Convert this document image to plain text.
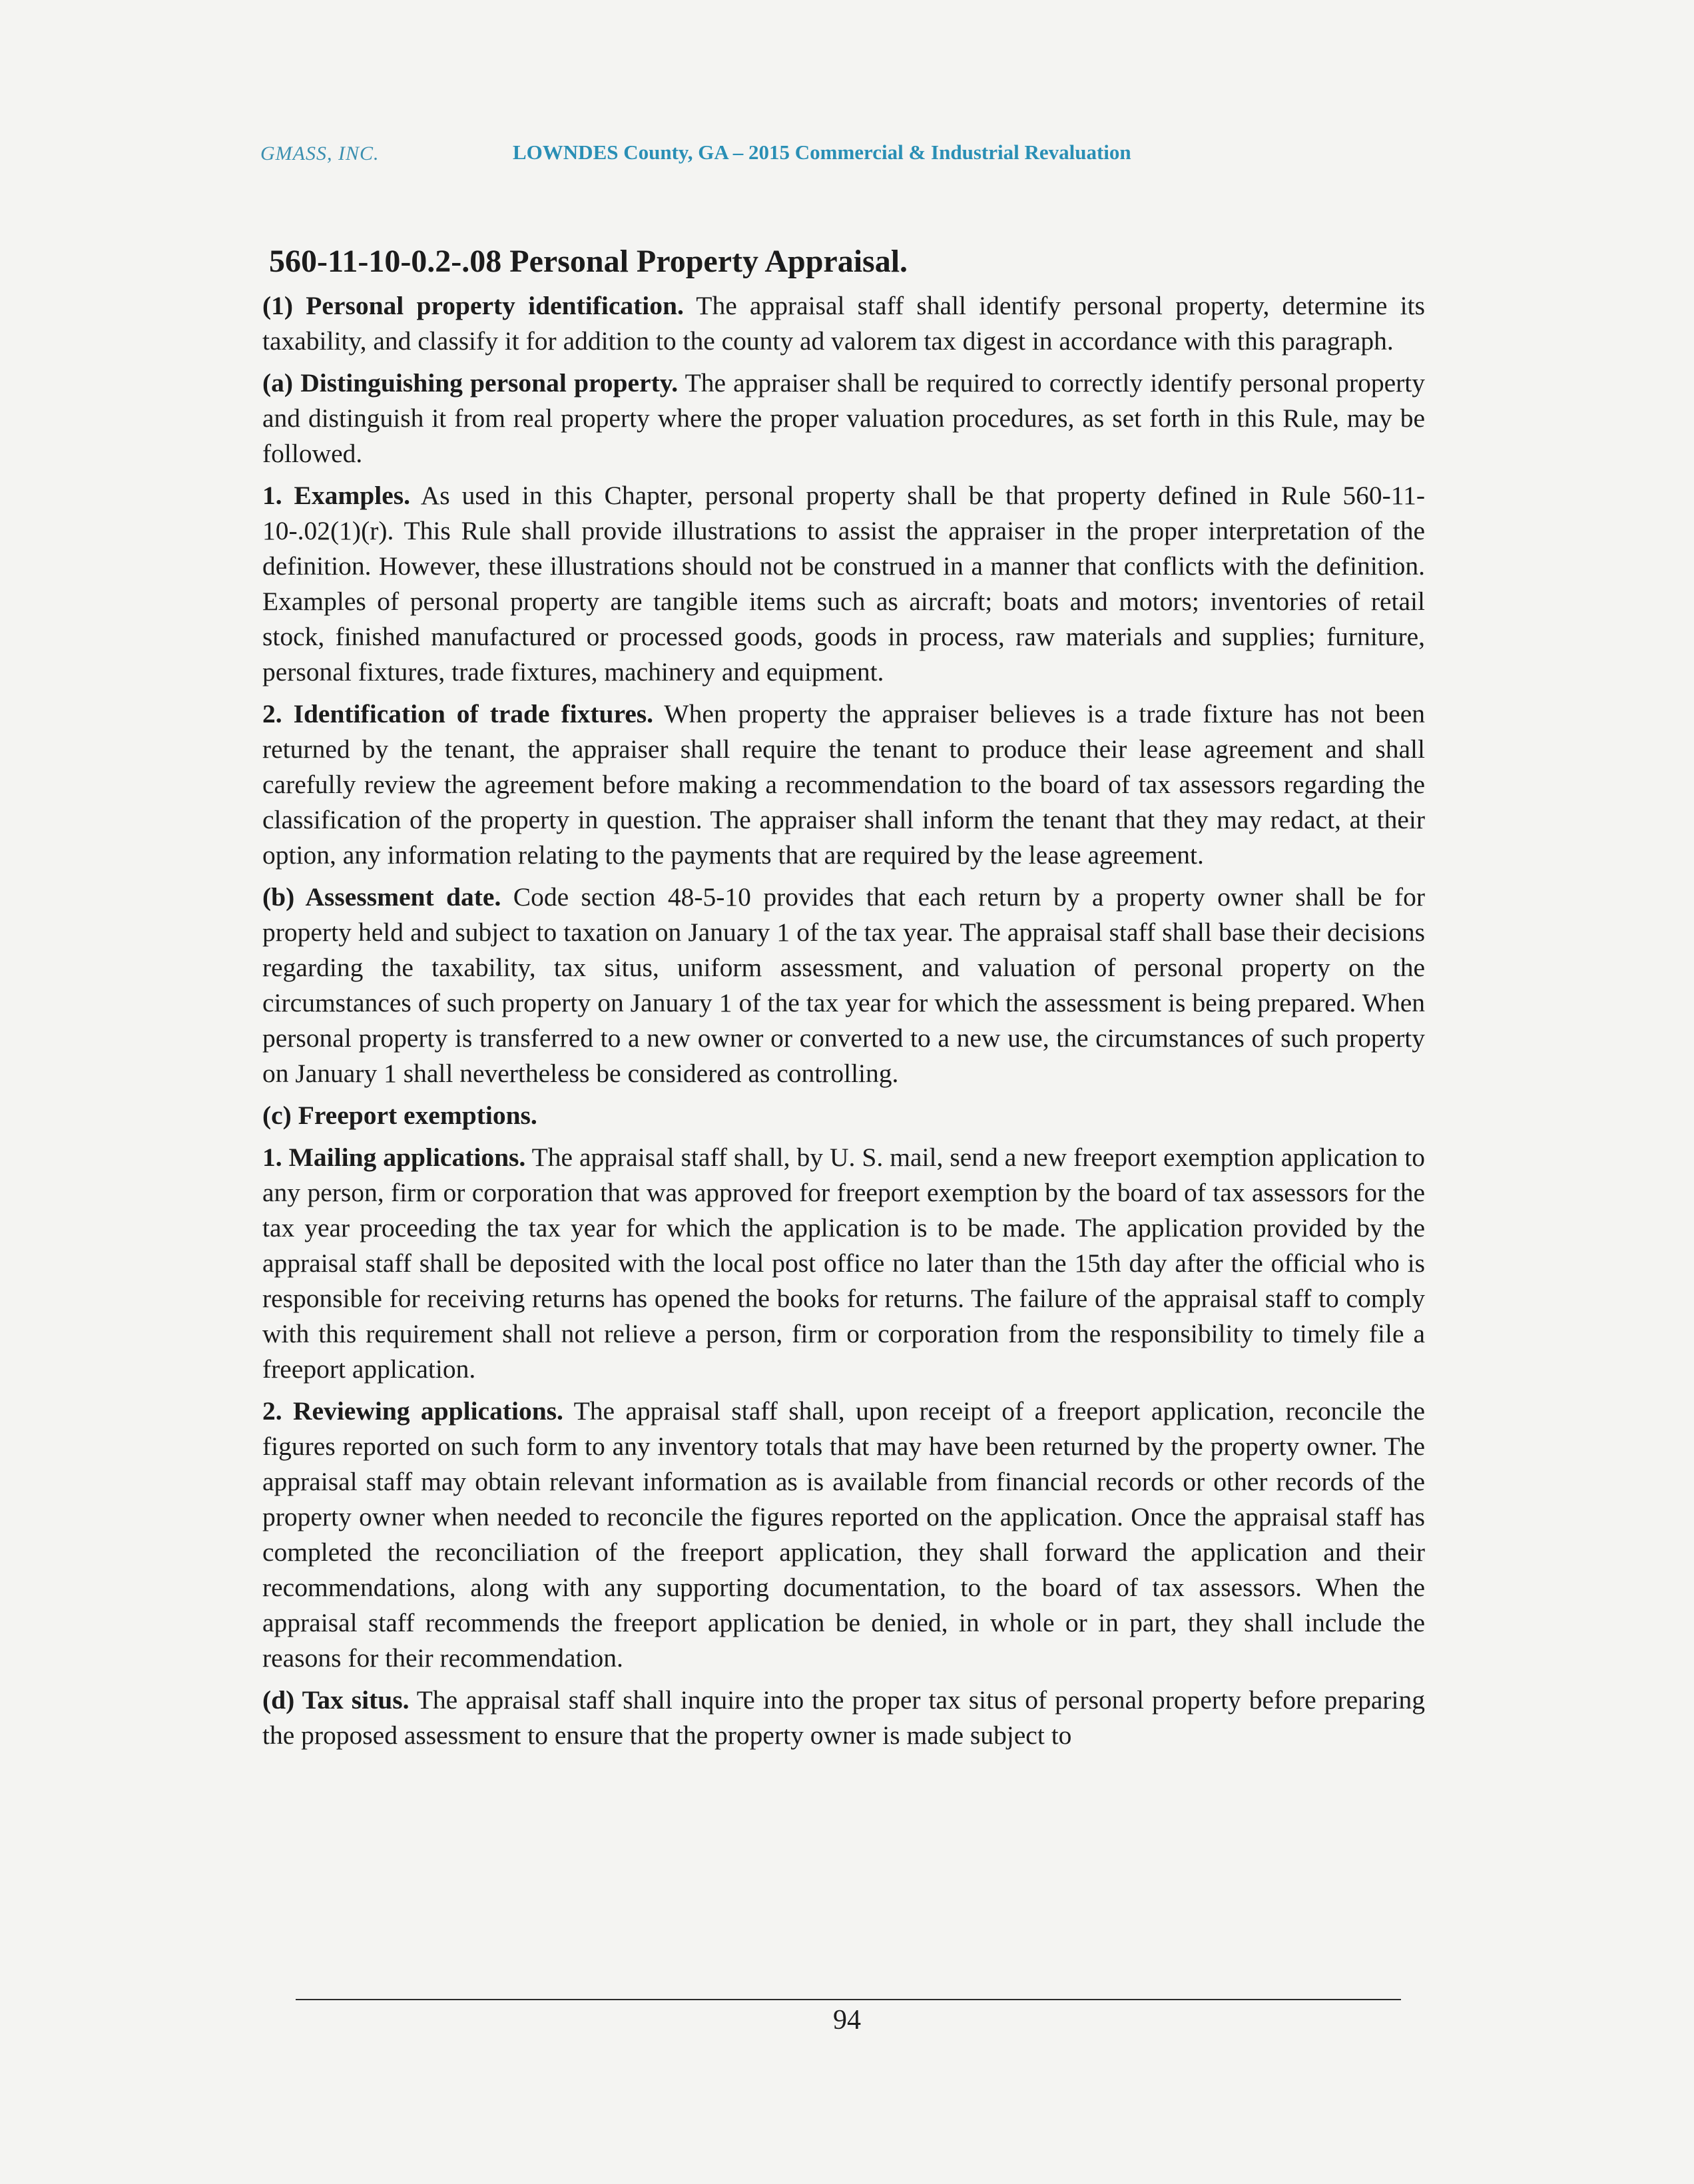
GMASS, INC.	LOWNDES County, GA – 2015 Commercial & Industrial Revaluation
560-11-10-0.2-.08 Personal Property Appraisal.

(1) Personal property identification. The appraisal staff shall identify personal property, determine its taxability, and classify it for addition to the county ad valorem tax digest in accordance with this paragraph.

(a) Distinguishing personal property. The appraiser shall be required to correctly identify personal property and distinguish it from real property where the proper valuation procedures, as set forth in this Rule, may be followed.

1. Examples. As used in this Chapter, personal property shall be that property defined in Rule 560-11-10-.02(1)(r). This Rule shall provide illustrations to assist the appraiser in the proper interpretation of the definition. However, these illustrations should not be construed in a manner that conflicts with the definition. Examples of personal property are tangible items such as aircraft; boats and motors; inventories of retail stock, finished manufactured or processed goods, goods in process, raw materials and supplies; furniture, personal fixtures, trade fixtures, machinery and equipment.

2. Identification of trade fixtures. When property the appraiser believes is a trade fixture has not been returned by the tenant, the appraiser shall require the tenant to produce their lease agreement and shall carefully review the agreement before making a recommendation to the board of tax assessors regarding the classification of the property in question. The appraiser shall inform the tenant that they may redact, at their option, any information relating to the payments that are required by the lease agreement.

(b) Assessment date. Code section 48-5-10 provides that each return by a property owner shall be for property held and subject to taxation on January 1 of the tax year. The appraisal staff shall base their decisions regarding the taxability, tax situs, uniform assessment, and valuation of personal property on the circumstances of such property on January 1 of the tax year for which the assessment is being prepared. When personal property is transferred to a new owner or converted to a new use, the circumstances of such property on January 1 shall nevertheless be considered as controlling.

(c) Freeport exemptions.

1. Mailing applications. The appraisal staff shall, by U. S. mail, send a new freeport exemption application to any person, firm or corporation that was approved for freeport exemption by the board of tax assessors for the tax year proceeding the tax year for which the application is to be made. The application provided by the appraisal staff shall be deposited with the local post office no later than the 15th day after the official who is responsible for receiving returns has opened the books for returns. The failure of the appraisal staff to comply with this requirement shall not relieve a person, firm or corporation from the responsibility to timely file a freeport application.

2. Reviewing applications. The appraisal staff shall, upon receipt of a freeport application, reconcile the figures reported on such form to any inventory totals that may have been returned by the property owner. The appraisal staff may obtain relevant information as is available from financial records or other records of the property owner when needed to reconcile the figures reported on the application. Once the appraisal staff has completed the reconciliation of the freeport application, they shall forward the application and their recommendations, along with any supporting documentation, to the board of tax assessors. When the appraisal staff recommends the freeport application be denied, in whole or in part, they shall include the reasons for their recommendation.

(d) Tax situs. The appraisal staff shall inquire into the proper tax situs of personal property before preparing the proposed assessment to ensure that the property owner is made subject to

94
